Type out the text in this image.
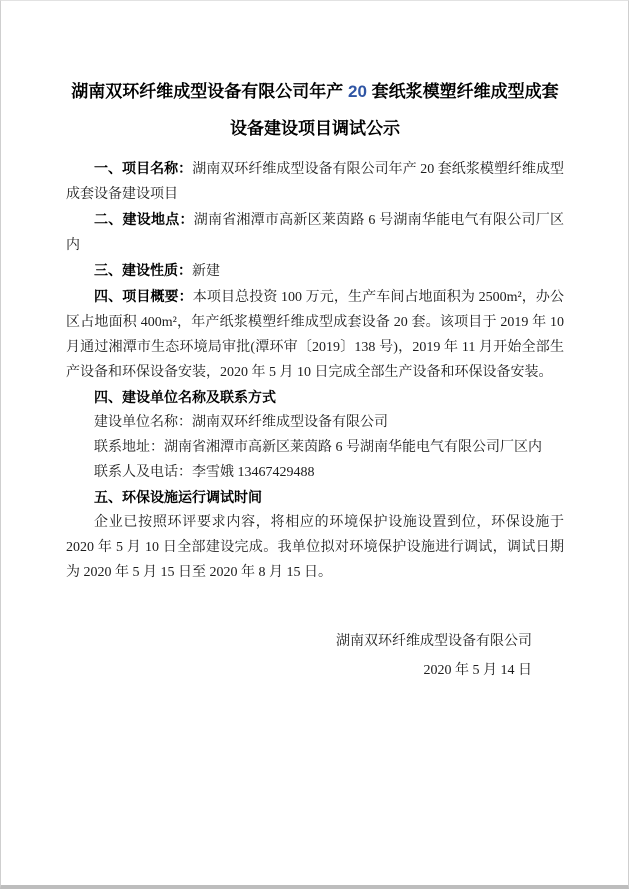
湖南双环纤维成型设备有限公司年产 20 套纸浆模塑纤维成型成套设备建设项目调试公示

一、项目名称：湖南双环纤维成型设备有限公司年产 20 套纸浆模塑纤维成型成套设备建设项目

二、建设地点：湖南省湘潭市高新区莱茵路 6 号湖南华能电气有限公司厂区内

三、建设性质：新建

四、项目概要：本项目总投资 100 万元，生产车间占地面积为 2500m²，办公区占地面积 400m²，年产纸浆模塑纤维成型成套设备 20 套。该项目于 2019 年 10 月通过湘潭市生态环境局审批(潭环审〔2019〕138 号)，2019 年 11 月开始全部生产设备和环保设备安装，2020 年 5 月 10 日完成全部生产设备和环保设备安装。

四、建设单位名称及联系方式

建设单位名称：湖南双环纤维成型设备有限公司

联系地址：湖南省湘潭市高新区莱茵路 6 号湖南华能电气有限公司厂区内

联系人及电话：李雪娥 13467429488

五、环保设施运行调试时间

企业已按照环评要求内容，将相应的环境保护设施设置到位，环保设施于 2020 年 5 月 10 日全部建设完成。我单位拟对环境保护设施进行调试，调试日期为 2020 年 5 月 15 日至 2020 年 8 月 15 日。

湖南双环纤维成型设备有限公司

2020 年 5 月 14 日
